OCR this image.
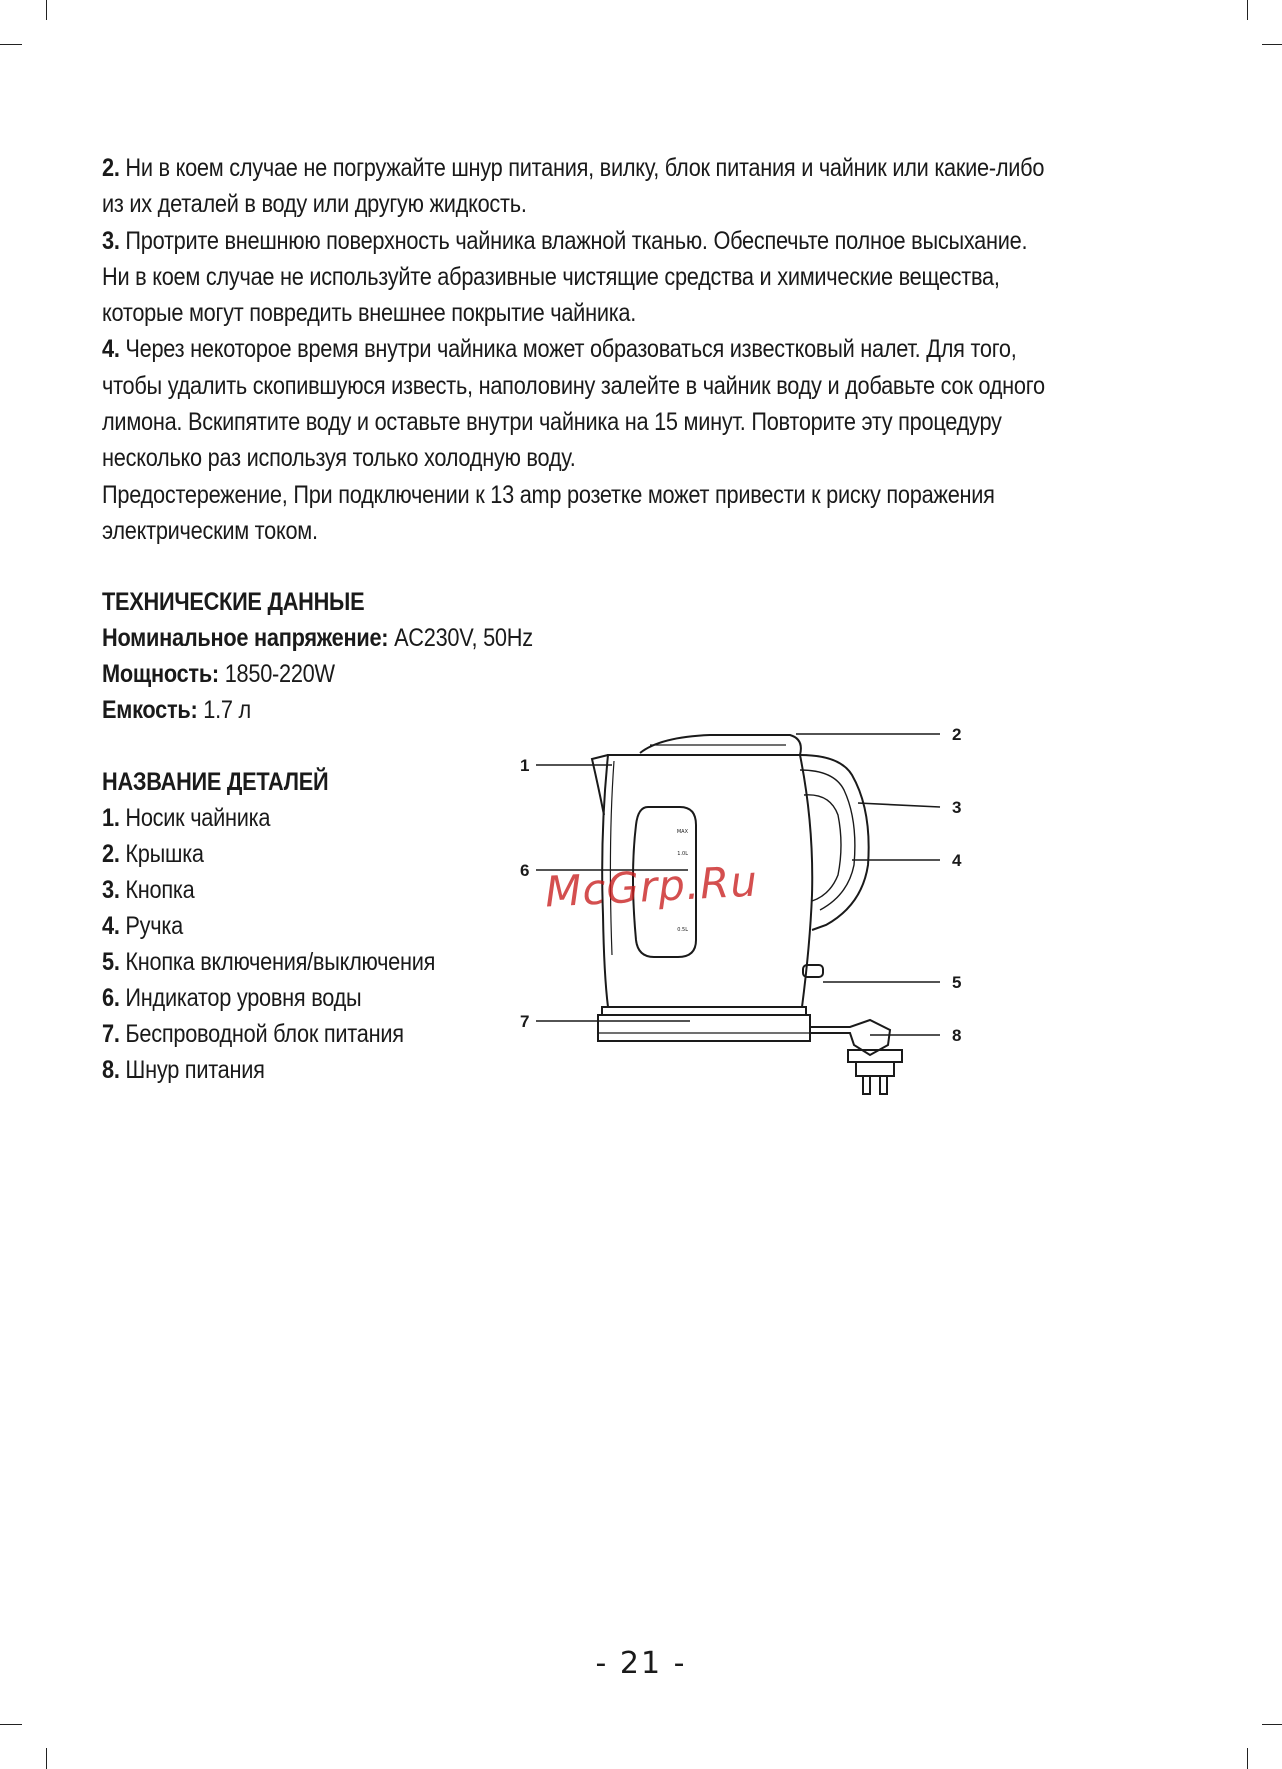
2. Ни в коем случае не погружайте шнур питания, вилку, блок питания и чайник или какие-либо из их деталей в воду или другую жидкость.

3. Протрите внешнюю поверхность чайника влажной тканью. Обеспечьте полное высыхание. Ни в коем случае не используйте абразивные чистящие средства и химические вещества, которые могут повредить внешнее покрытие чайника.

4. Через некоторое время внутри чайника может образоваться известковый налет. Для того, чтобы удалить скопившуюся известь, наполовину залейте в чайник воду и добавьте сок одного лимона. Вскипятите воду и оставьте внутри чайника на 15 минут. Повторите эту процедуру несколько раз используя только холодную воду.

Предостережение, При подключении к 13 amp розетке может привести к риску поражения электрическим током.

ТЕХНИЧЕСКИЕ ДАННЫЕ

Номинальное напряжение: AC230V, 50Hz

Мощность: 1850-220W

Емкость: 1.7 л

НАЗВАНИЕ ДЕТАЛЕЙ

1. Носик чайника

2. Крышка

3. Кнопка

4. Ручка

5. Кнопка включения/выключения

6. Индикатор уровня воды

7. Беспроводной блок питания

8. Шнур питания

MAX
1.0L
0.5L
1
2
3
4
5
6
7
8
McGrp.Ru
- 21 -
